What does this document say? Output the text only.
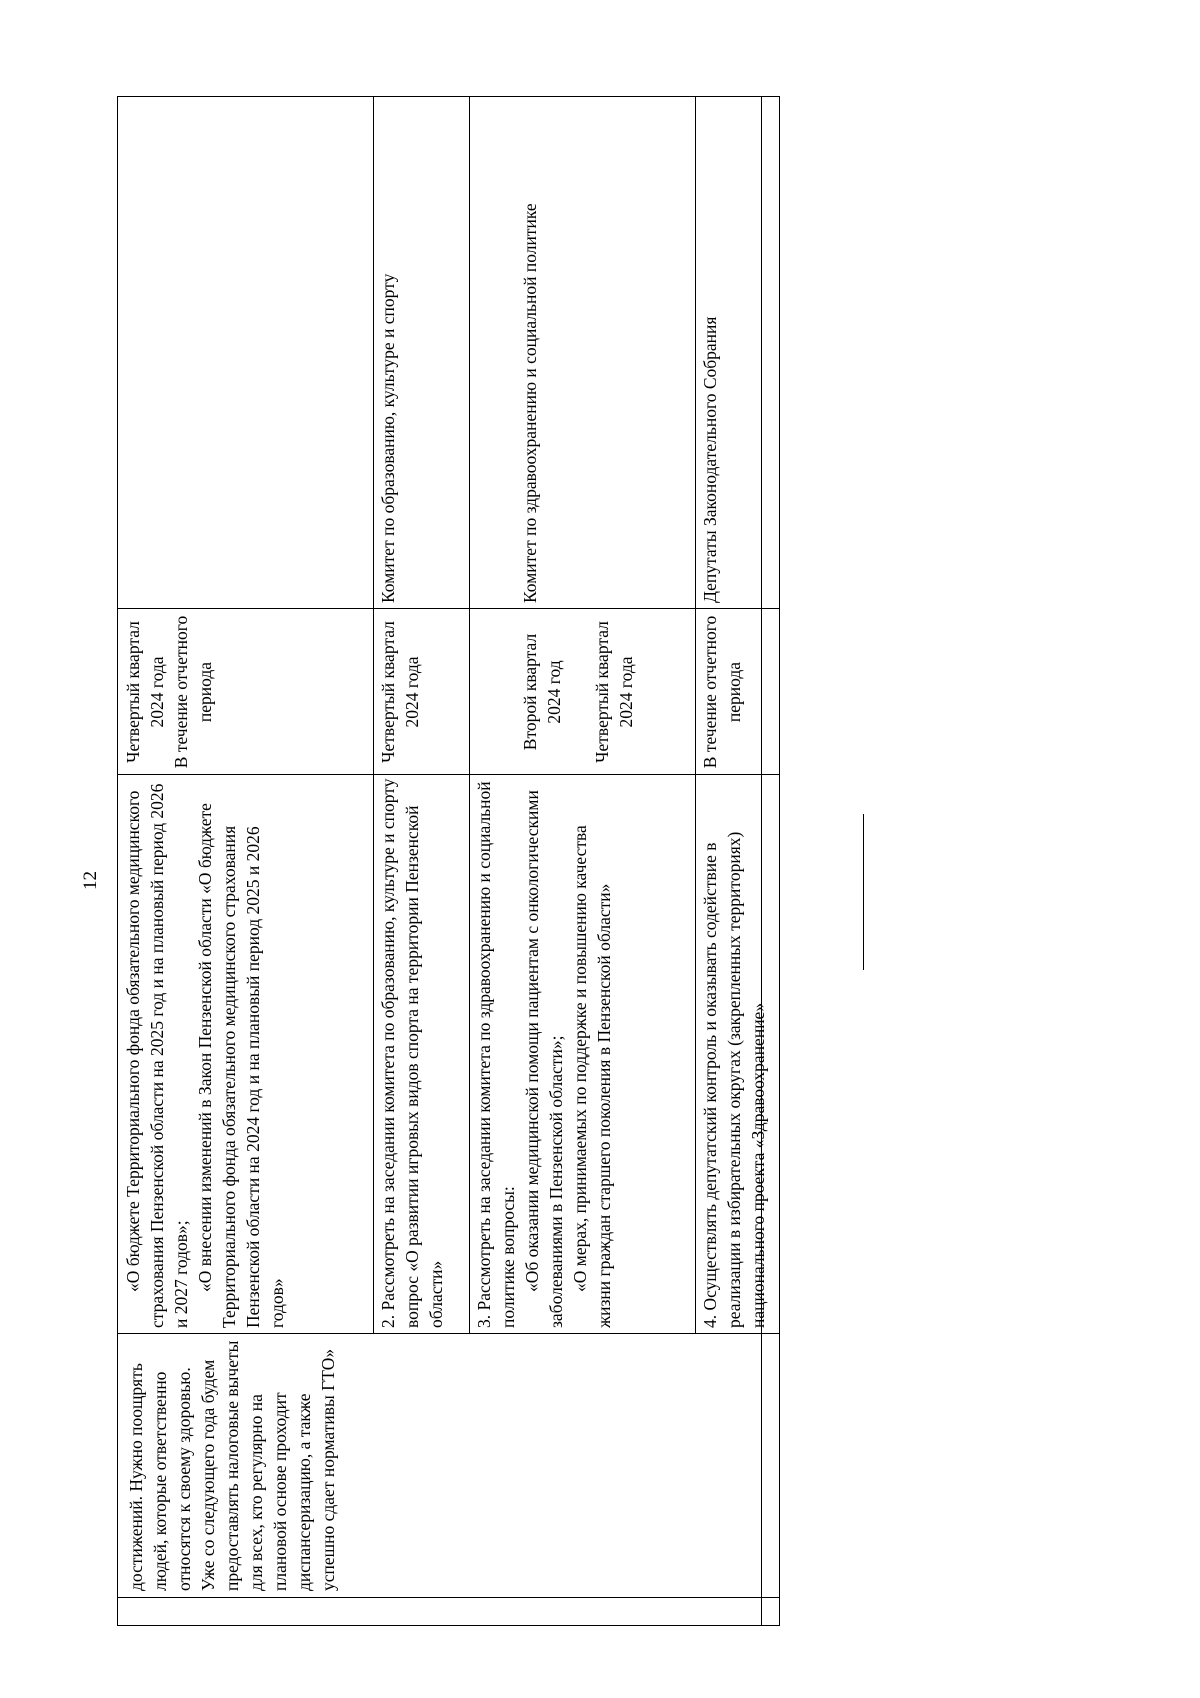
12

достижений. Нужно поощрять людей, которые ответственно относятся к своему здоровью. Уже со следующего года будем предоставлять налоговые вычеты для всех, кто регулярно на плановой основе проходит диспансеризацию, а также успешно сдает нормативы ГТО»

«О бюджете Территориального фонда обязательного медицинского страхования Пензенской области на 2025 год и на плановый период 2026 и 2027 годов»; «О внесении изменений в Закон Пензенской области «О бюджете Территориального фонда обязательного медицинского страхования Пензенской области на 2024 год и на плановый период 2025 и 2026 годов»

Четвертый квартал 2024 года В течение отчетного периода

2. Рассмотреть на заседании комитета по образованию, культуре и спорту вопрос «О развитии игровых видов спорта на территории Пензенской области»

Четвертый квартал 2024 года

Комитет по образованию, культуре и спорту

3. Рассмотреть на заседании комитета по здравоохранению и социальной политике вопросы: «Об оказании медицинской помощи пациентам с онкологическими заболеваниями в Пензенской области»; «О мерах, принимаемых по поддержке и повышению качества жизни граждан старшего поколения в Пензенской области»

Второй квартал 2024 год Четвертый квартал 2024 года

Комитет по здравоохранению и социальной политике

4. Осуществлять депутатский контроль и оказывать содействие в реализации в избирательных округах (закрепленных территориях) национального проекта «Здравоохранение»

В течение отчетного периода

Депутаты Законодательного Собрания
